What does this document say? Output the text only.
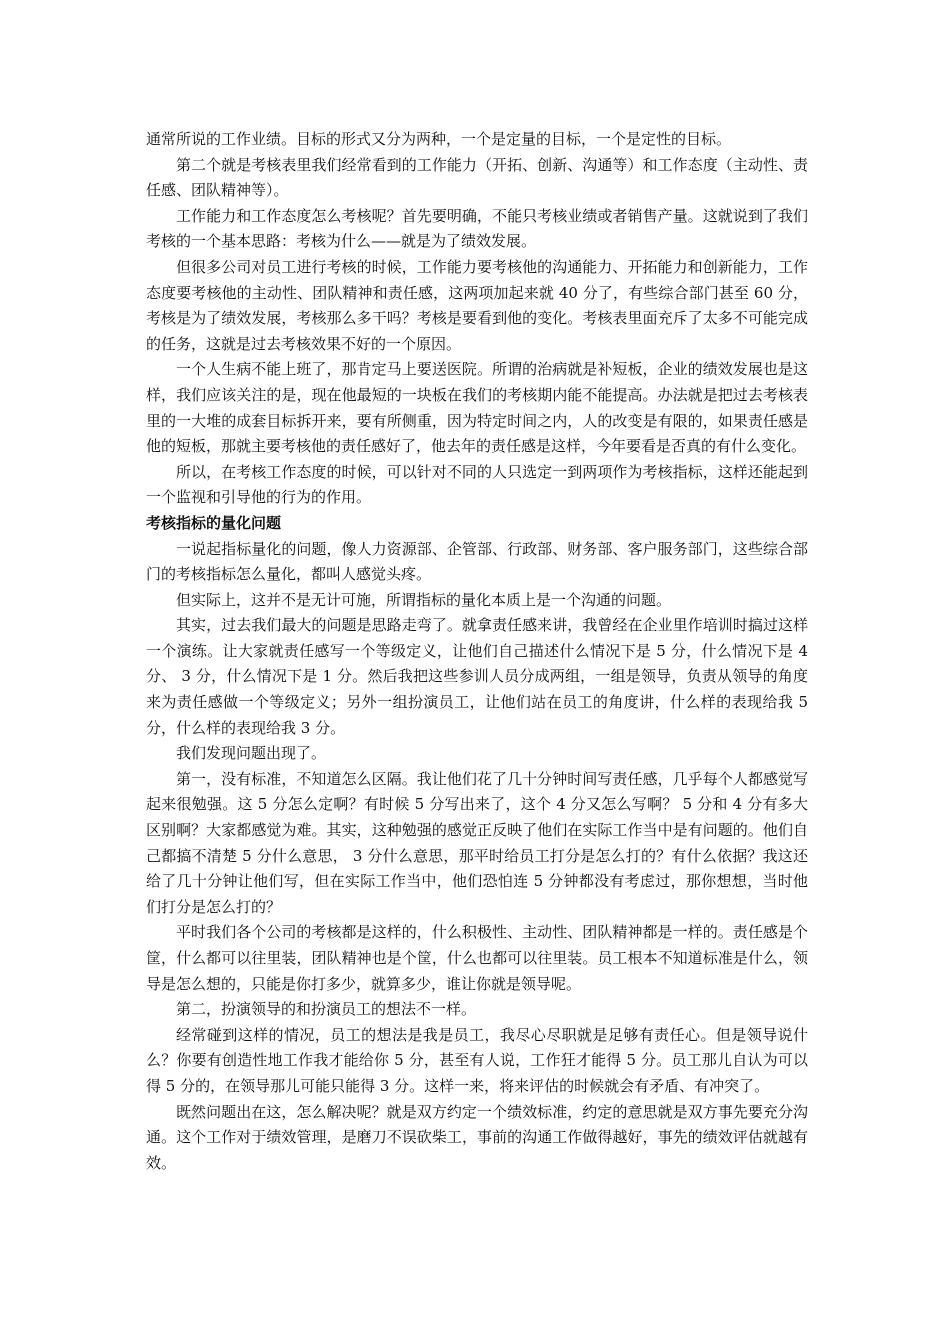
通常所说的工作业绩。目标的形式又分为两种，一个是定量的目标，一个是定性的目标。

第二个就是考核表里我们经常看到的工作能力（开拓、创新、沟通等）和工作态度（主动性、责任感、团队精神等）。

工作能力和工作态度怎么考核呢？首先要明确，不能只考核业绩或者销售产量。这就说到了我们考核的一个基本思路：考核为什么——就是为了绩效发展。

但很多公司对员工进行考核的时候，工作能力要考核他的沟通能力、开拓能力和创新能力，工作态度要考核他的主动性、团队精神和责任感，这两项加起来就 40 分了，有些综合部门甚至 60 分，考核是为了绩效发展，考核那么多干吗？考核是要看到他的变化。考核表里面充斥了太多不可能完成的任务，这就是过去考核效果不好的一个原因。

一个人生病不能上班了，那肯定马上要送医院。所谓的治病就是补短板，企业的绩效发展也是这样，我们应该关注的是，现在他最短的一块板在我们的考核期内能不能提高。办法就是把过去考核表里的一大堆的成套目标拆开来，要有所侧重，因为特定时间之内，人的改变是有限的，如果责任感是他的短板，那就主要考核他的责任感好了，他去年的责任感是这样，今年要看是否真的有什么变化。

所以，在考核工作态度的时候，可以针对不同的人只选定一到两项作为考核指标，这样还能起到一个监视和引导他的行为的作用。

考核指标的量化问题

一说起指标量化的问题，像人力资源部、企管部、行政部、财务部、客户服务部门，这些综合部门的考核指标怎么量化，都叫人感觉头疼。

但实际上，这并不是无计可施，所谓指标的量化本质上是一个沟通的问题。

其实，过去我们最大的问题是思路走弯了。就拿责任感来讲，我曾经在企业里作培训时搞过这样一个演练。让大家就责任感写一个等级定义，让他们自己描述什么情况下是 5 分，什么情况下是 4 分、 3 分，什么情况下是 1 分。然后我把这些参训人员分成两组，一组是领导，负责从领导的角度来为责任感做一个等级定义；另外一组扮演员工，让他们站在员工的角度讲，什么样的表现给我 5 分，什么样的表现给我 3 分。

我们发现问题出现了。

第一，没有标准，不知道怎么区隔。我让他们花了几十分钟时间写责任感，几乎每个人都感觉写起来很勉强。这 5 分怎么定啊？有时候 5 分写出来了，这个 4 分又怎么写啊？ 5 分和 4 分有多大区别啊？大家都感觉为难。其实，这种勉强的感觉正反映了他们在实际工作当中是有问题的。他们自己都搞不清楚 5 分什么意思， 3 分什么意思，那平时给员工打分是怎么打的？有什么依据？我这还给了几十分钟让他们写，但在实际工作当中，他们恐怕连 5 分钟都没有考虑过，那你想想，当时他们打分是怎么打的？

平时我们各个公司的考核都是这样的，什么积极性、主动性、团队精神都是一样的。责任感是个筐，什么都可以往里装，团队精神也是个筐，什么也都可以往里装。员工根本不知道标准是什么，领导是怎么想的，只能是你打多少，就算多少，谁让你就是领导呢。

第二，扮演领导的和扮演员工的想法不一样。

经常碰到这样的情况，员工的想法是我是员工，我尽心尽职就是足够有责任心。但是领导说什么？你要有创造性地工作我才能给你 5 分，甚至有人说，工作狂才能得 5 分。员工那儿自认为可以得 5 分的，在领导那儿可能只能得 3 分。这样一来，将来评估的时候就会有矛盾、有冲突了。

既然问题出在这，怎么解决呢？就是双方约定一个绩效标准，约定的意思就是双方事先要充分沟通。这个工作对于绩效管理，是磨刀不误砍柴工，事前的沟通工作做得越好，事先的绩效评估就越有效。
